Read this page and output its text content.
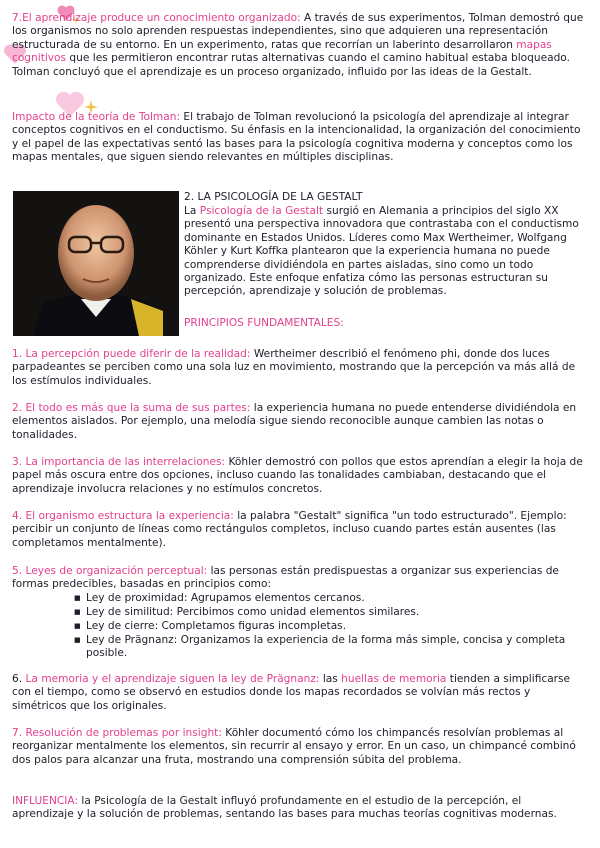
7.El aprendizaje produce un conocimiento organizado: A través de sus experimentos, Tolman demostró que los organismos no solo aprenden respuestas independientes, sino que adquieren una representación estructurada de su entorno. En un experimento, ratas que recorrían un laberinto desarrollaron mapas cognitivos que les permitieron encontrar rutas alternativas cuando el camino habitual estaba bloqueado. Tolman concluyó que el aprendizaje es un proceso organizado, influido por las ideas de la Gestalt.

Impacto de la teoría de Tolman: El trabajo de Tolman revolucionó la psicología del aprendizaje al integrar conceptos cognitivos en el conductismo. Su énfasis en la intencionalidad, la organización del conocimiento y el papel de las expectativas sentó las bases para la psicología cognitiva moderna y conceptos como los mapas mentales, que siguen siendo relevantes en múltiples disciplinas.

2. LA PSICOLOGÍA DE LA GESTALT

La Psicología de la Gestalt surgió en Alemania a principios del siglo XX presentó una perspectiva innovadora que contrastaba con el conductismo dominante en Estados Unidos. Líderes como Max Wertheimer, Wolfgang Köhler y Kurt Koffka plantearon que la experiencia humana no puede comprenderse dividiéndola en partes aisladas, sino como un todo organizado. Este enfoque enfatiza cómo las personas estructuran su percepción, aprendizaje y solución de problemas.

PRINCIPIOS FUNDAMENTALES:

1. La percepción puede diferir de la realidad: Wertheimer describió el fenómeno phi, donde dos luces parpadeantes se perciben como una sola luz en movimiento, mostrando que la percepción va más allá de los estímulos individuales.

2. El todo es más que la suma de sus partes: la experiencia humana no puede entenderse dividiéndola en elementos aislados. Por ejemplo, una melodía sigue siendo reconocible aunque cambien las notas o tonalidades.

3. La importancia de las interrelaciones: Köhler demostró con pollos que estos aprendían a elegir la hoja de papel más oscura entre dos opciones, incluso cuando las tonalidades cambiaban, destacando que el aprendizaje involucra relaciones y no estímulos concretos.

4. El organismo estructura la experiencia: la palabra "Gestalt" significa "un todo estructurado". Ejemplo: percibir un conjunto de líneas como rectángulos completos, incluso cuando partes están ausentes (las completamos mentalmente).

5. Leyes de organización perceptual: las personas están predispuestas a organizar sus experiencias de formas predecibles, basadas en principios como:

■ Ley de proximidad: Agrupamos elementos cercanos.

■ Ley de similitud: Percibimos como unidad elementos similares.

■ Ley de cierre: Completamos figuras incompletas.

■ Ley de Prägnanz: Organizamos la experiencia de la forma más simple, concisa y completa posible.

6. La memoria y el aprendizaje siguen la ley de Prägnanz: las huellas de memoria tienden a simplificarse con el tiempo, como se observó en estudios donde los mapas recordados se volvían más rectos y simétricos que los originales.

7. Resolución de problemas por insight: Köhler documentó cómo los chimpancés resolvían problemas al reorganizar mentalmente los elementos, sin recurrir al ensayo y error. En un caso, un chimpancé combinó dos palos para alcanzar una fruta, mostrando una comprensión súbita del problema.

INFLUENCIA: la Psicología de la Gestalt influyó profundamente en el estudio de la percepción, el aprendizaje y la solución de problemas, sentando las bases para muchas teorías cognitivas modernas.
